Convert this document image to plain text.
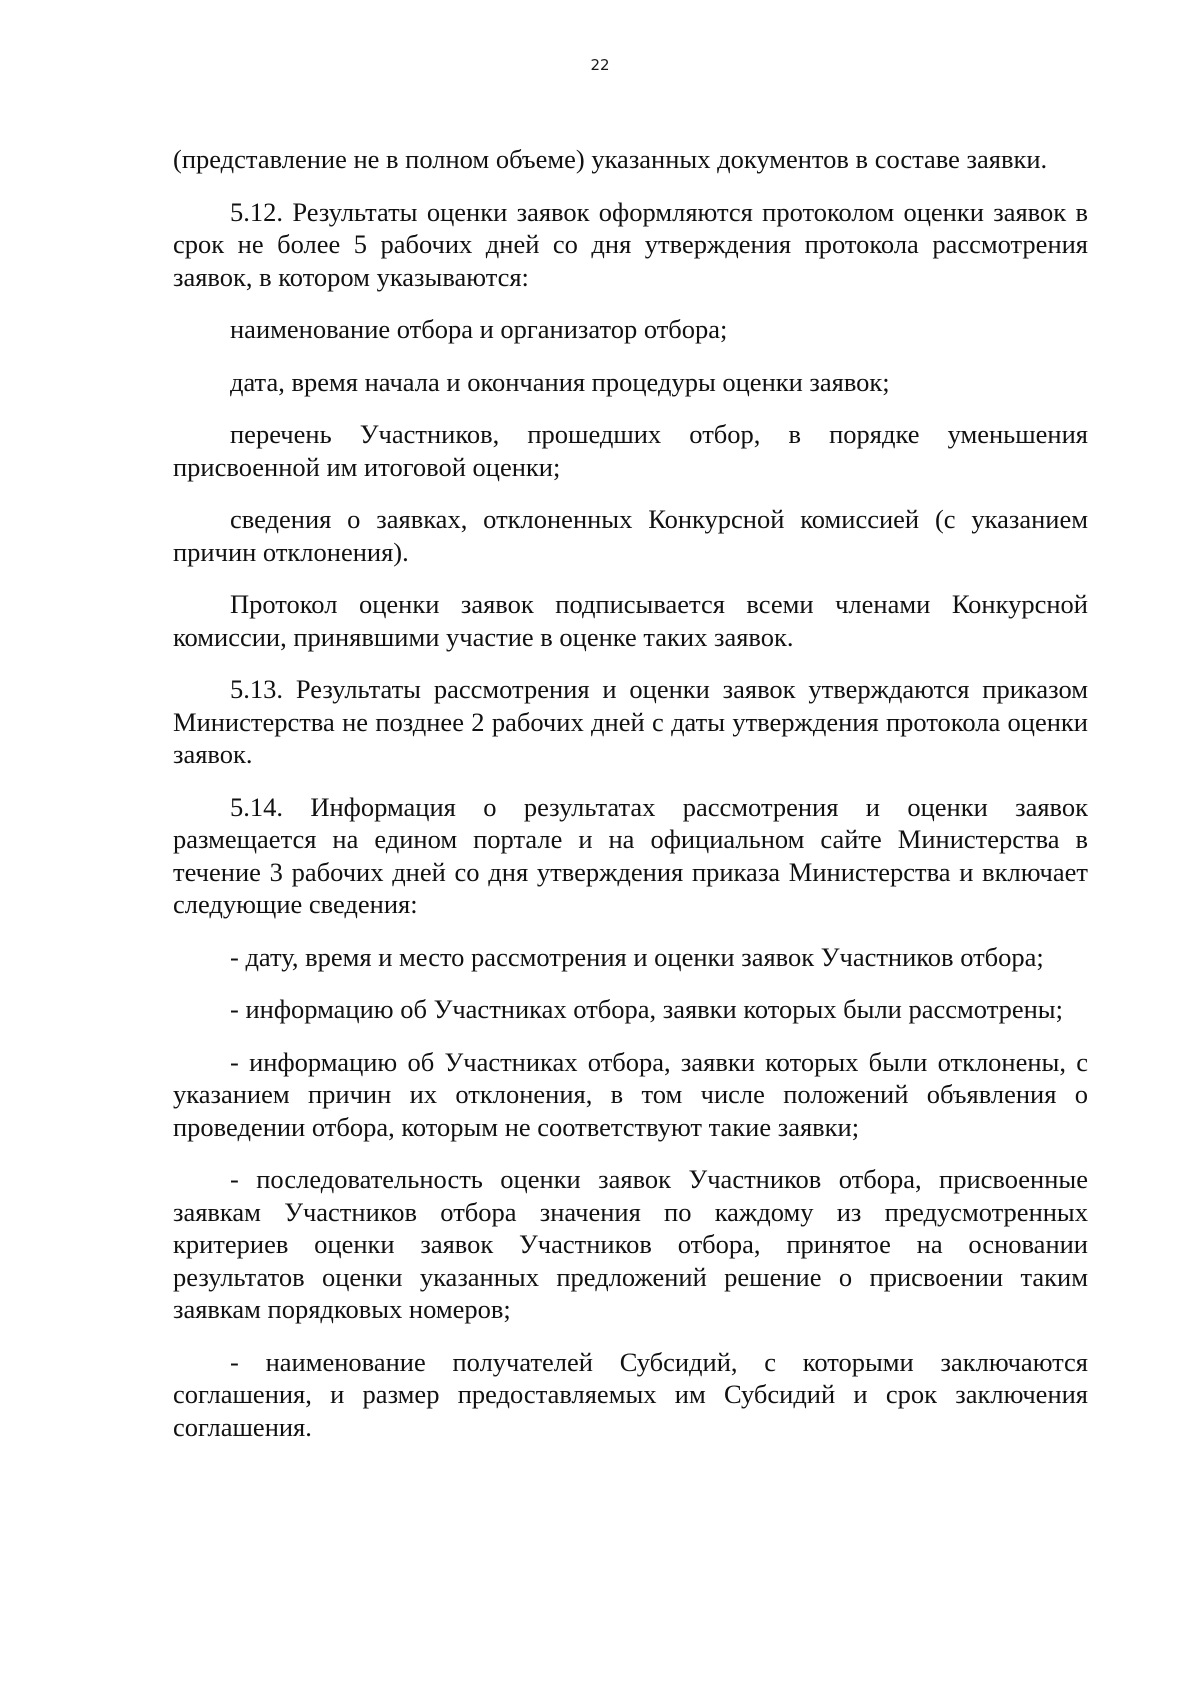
22

(представление не в полном объеме) указанных документов в составе заявки.

5.12. Результаты оценки заявок оформляются протоколом оценки заявок в срок не более 5 рабочих дней со дня утверждения протокола рассмотрения заявок, в котором указываются:

наименование отбора и организатор отбора;

дата, время начала и окончания процедуры оценки заявок;

перечень Участников, прошедших отбор, в порядке уменьшения присвоенной им итоговой оценки;

сведения о заявках, отклоненных Конкурсной комиссией (с указанием причин отклонения).

Протокол оценки заявок подписывается всеми членами Конкурсной комиссии, принявшими участие в оценке таких заявок.

5.13. Результаты рассмотрения и оценки заявок утверждаются приказом Министерства не позднее 2 рабочих дней с даты утверждения протокола оценки заявок.

5.14. Информация о результатах рассмотрения и оценки заявок размещается на едином портале и на официальном сайте Министерства в течение 3 рабочих дней со дня утверждения приказа Министерства и включает следующие сведения:

- дату, время и место рассмотрения и оценки заявок Участников отбора;

- информацию об Участниках отбора, заявки которых были рассмотрены;

- информацию об Участниках отбора, заявки которых были отклонены, с указанием причин их отклонения, в том числе положений объявления о проведении отбора, которым не соответствуют такие заявки;

- последовательность оценки заявок Участников отбора, присвоенные заявкам Участников отбора значения по каждому из предусмотренных критериев оценки заявок Участников отбора, принятое на основании результатов оценки указанных предложений решение о присвоении таким заявкам порядковых номеров;

- наименование получателей Субсидий, с которыми заключаются соглашения, и размер предоставляемых им Субсидий и срок заключения соглашения.
